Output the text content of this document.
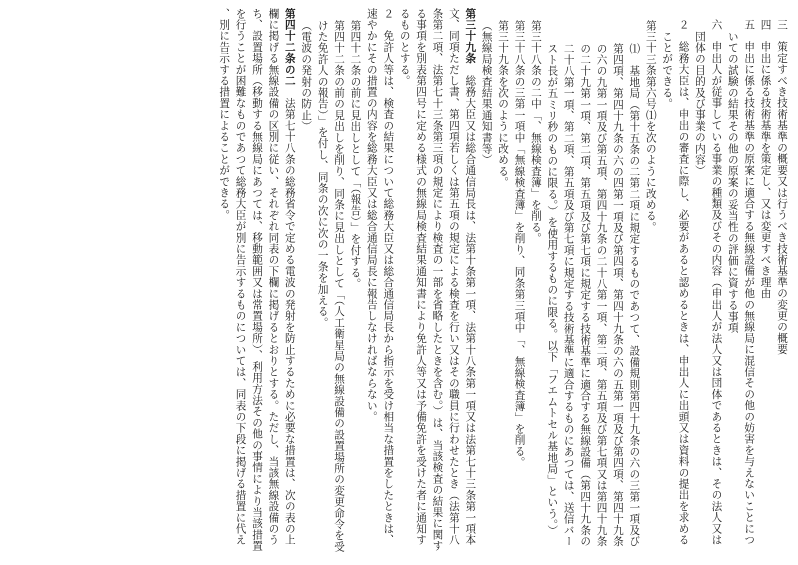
三　策定すべき技術基準の概要又は行うべき技術基準の変更の概要
四　申出に係る技術基準を策定し、又は変更すべき理由
五　申出に係る技術基準の原案に適合する無線設備が他の無線局に混信その他の妨害を与えないことについての試験の結果その他の原案の妥当性の評価に資する事項
六　申出人が従事している事業の種類及びその内容（申出人が法人又は団体であるときは、その法人又は団体の目的及び事業の内容）
２　総務大臣は、申出の審査に際し、必要があると認めるときは、申出人に出頭又は資料の提出を求めることができる。
第三十三条第六号⑴を次のように改める。
⑴　基地局（第十五条の二第二項に規定するものであつて、設備規則第四十九条の六の三第一項及び第四項、第四十九条の六の四第一項及び第四項、第四十九条の六の五第一項及び第四項、第四十九条の六の九第一項及び第五項、第四十九条の二十八第一項、第二項、第五項及び第七項又は第四十九条の二十九第一項、第二項、第五項及び第七項に規定する技術基準に適合する無線設備（第四十九条の二十八第一項、第二項、第五項及び第七項に規定する技術基準に適合するものにあつては、送信バースト長が五ミリ秒のものに限る。）を使用するものに限る。以下「フエムトセル基地局」という。）
第三十八条の二中「、無線検査簿」を削る。
第三十八条の三第一項中「無線検査簿」を削り、同条第三項中「、無線検査簿」を削る。
第三十九条を次のように改める。
（無線局検査結果通知書等）
第三十九条　総務大臣又は総合通信局長は、法第十条第一項、法第十八条第一項又は法第七十三条第一項本文、同項ただし書、第四項若しくは第五項の規定による検査を行い又はその職員に行わせたとき（法第十八条第二項、法第七十三条第三項の規定により検査の一部を省略したときを含む。）は、当該検査の結果に関する事項を別表第四号に定める様式の無線局検査結果通知書により免許人等又は予備免許を受けた者に通知するものとする。
２　免許人等は、検査の結果について総務大臣又は総合通信局長から指示を受け相当な措置をしたときは、速やかにその措置の内容を総務大臣又は総合通信局長に報告しなければならない。
第四十二条の前に見出しとして「（報告）」を付する。
第四十二条の前の見出しを削り、同条に見出しとして「（人工衛星局の無線設備の設置場所の変更命令を受けた免許人の報告）」を付し、同条の次に次の一条を加える。
（電波の発射の防止）
第四十二条の二　法第七十八条の総務省令で定める電波の発射を防止するために必要な措置は、次の表の上欄に掲げる無線設備の区別に従い、それぞれ同表の下欄に掲げるとおりとする。ただし、当該無線設備のうち、設置場所（移動する無線局にあつては、移動範囲又は常置場所）、利用方法その他の事情により当該措置を行うことが困難なものであつて総務大臣が別に告示するものについては、同表の下段に掲げる措置に代え、別に告示する措置によることができる。
